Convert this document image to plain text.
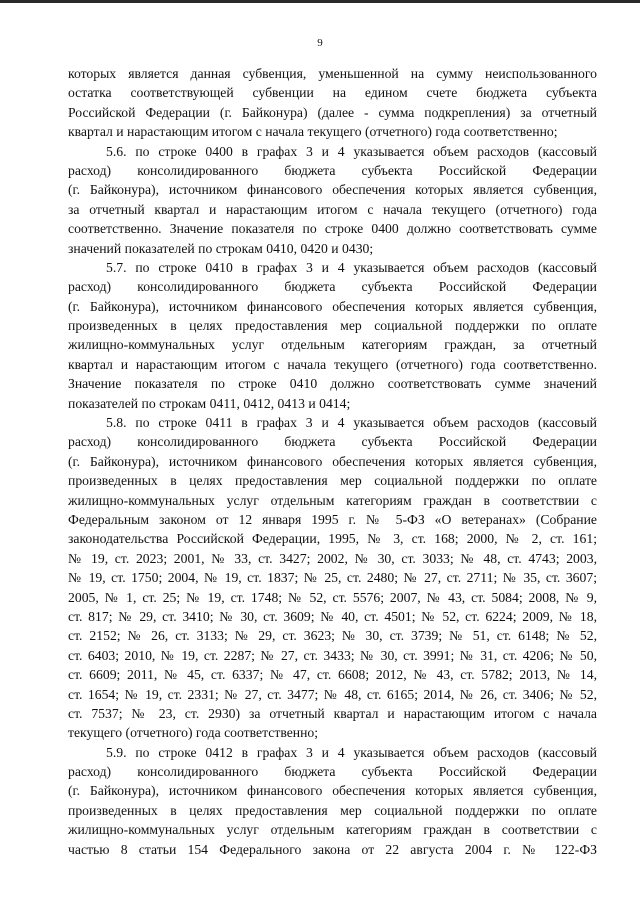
9
которых является данная субвенция, уменьшенной на сумму неиспользованного
остатка соответствующей субвенции на едином счете бюджета субъекта
Российской Федерации (г. Байконура) (далее - сумма подкрепления) за отчетный
квартал и нарастающим итогом с начала текущего (отчетного) года соответственно;
5.6. по строке 0400 в графах 3 и 4 указывается объем расходов (кассовый
расход) консолидированного бюджета субъекта Российской Федерации
(г. Байконура), источником финансового обеспечения которых является субвенция,
за отчетный квартал и нарастающим итогом с начала текущего (отчетного) года
соответственно. Значение показателя по строке 0400 должно соответствовать сумме
значений показателей по строкам 0410, 0420 и 0430;
5.7. по строке 0410 в графах 3 и 4 указывается объем расходов (кассовый
расход) консолидированного бюджета субъекта Российской Федерации
(г. Байконура), источником финансового обеспечения которых является субвенция,
произведенных в целях предоставления мер социальной поддержки по оплате
жилищно-коммунальных услуг отдельным категориям граждан, за отчетный
квартал и нарастающим итогом с начала текущего (отчетного) года соответственно.
Значение показателя по строке 0410 должно соответствовать сумме значений
показателей по строкам 0411, 0412, 0413 и 0414;
5.8. по строке 0411 в графах 3 и 4 указывается объем расходов (кассовый
расход) консолидированного бюджета субъекта Российской Федерации
(г. Байконура), источником финансового обеспечения которых является субвенция,
произведенных в целях предоставления мер социальной поддержки по оплате
жилищно-коммунальных услуг отдельным категориям граждан в соответствии с
Федеральным законом от 12 января 1995 г. № 5-ФЗ «О ветеранах» (Собрание
законодательства Российской Федерации, 1995, № 3, ст. 168; 2000, № 2, ст. 161;
№ 19, ст. 2023; 2001, № 33, ст. 3427; 2002, № 30, ст. 3033; № 48, ст. 4743; 2003,
№ 19, ст. 1750; 2004, № 19, ст. 1837; № 25, ст. 2480; № 27, ст. 2711; № 35, ст. 3607;
2005, № 1, ст. 25; № 19, ст. 1748; № 52, ст. 5576; 2007, № 43, ст. 5084; 2008, № 9,
ст. 817; № 29, ст. 3410; № 30, ст. 3609; № 40, ст. 4501; № 52, ст. 6224; 2009, № 18,
ст. 2152; № 26, ст. 3133; № 29, ст. 3623; № 30, ст. 3739; № 51, ст. 6148; № 52,
ст. 6403; 2010, № 19, ст. 2287; № 27, ст. 3433; № 30, ст. 3991; № 31, ст. 4206; № 50,
ст. 6609; 2011, № 45, ст. 6337; № 47, ст. 6608; 2012, № 43, ст. 5782; 2013, № 14,
ст. 1654; № 19, ст. 2331; № 27, ст. 3477; № 48, ст. 6165; 2014, № 26, ст. 3406; № 52,
ст. 7537; № 23, ст. 2930) за отчетный квартал и нарастающим итогом с начала
текущего (отчетного) года соответственно;
5.9. по строке 0412 в графах 3 и 4 указывается объем расходов (кассовый
расход) консолидированного бюджета субъекта Российской Федерации
(г. Байконура), источником финансового обеспечения которых является субвенция,
произведенных в целях предоставления мер социальной поддержки по оплате
жилищно-коммунальных услуг отдельным категориям граждан в соответствии с
частью 8 статьи 154 Федерального закона от 22 августа 2004 г. № 122-ФЗ
